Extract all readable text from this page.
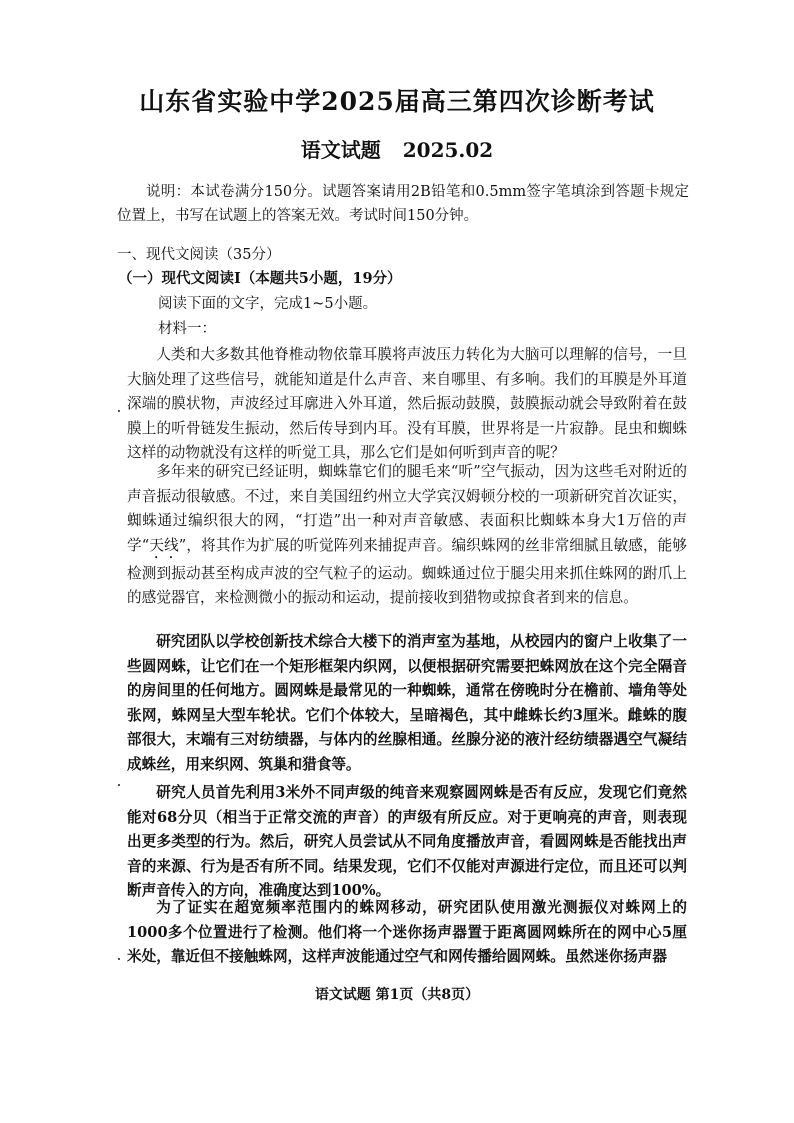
山东省实验中学2025届高三第四次诊断考试
语文试题 2025.02
说明：本试卷满分150分。试题答案请用2B铅笔和0.5mm签字笔填涂到答题卡规定位置上，书写在试题上的答案无效。考试时间150分钟。
一、现代文阅读（35分）
（一）现代文阅读Ⅰ（本题共5小题，19分）
阅读下面的文字，完成1~5小题。
材料一：

人类和大多数其他脊椎动物依靠耳膜将声波压力转化为大脑可以理解的信号，一旦大脑处理了这些信号，就能知道是什么声音、来自哪里、有多响。我们的耳膜是外耳道深端的膜状物，声波经过耳廓进入外耳道，然后振动鼓膜，鼓膜振动就会导致附着在鼓膜上的听骨链发生振动，然后传导到内耳。没有耳膜，世界将是一片寂静。昆虫和蜘蛛这样的动物就没有这样的听觉工具，那么它们是如何听到声音的呢？

多年来的研究已经证明，蜘蛛靠它们的腿毛来“听”空气振动，因为这些毛对附近的声音振动很敏感。不过，来自美国纽约州立大学宾汉姆顿分校的一项新研究首次证实，蜘蛛通过编织很大的网，“打造”出一种对声音敏感、表面积比蜘蛛本身大1万倍的声学“天线”，将其作为扩展的听觉阵列来捕捉声音。编织蛛网的丝非常细腻且敏感，能够检测到振动甚至构成声波的空气粒子的运动。蜘蛛通过位于腿尖用来抓住蛛网的跗爪上的感觉器官，来检测微小的振动和运动，提前接收到猎物或掠食者到来的信息。

研究团队以学校创新技术综合大楼下的消声室为基地，从校园内的窗户上收集了一些圆网蛛，让它们在一个矩形框架内织网，以便根据研究需要把蛛网放在这个完全隔音的房间里的任何地方。圆网蛛是最常见的一种蜘蛛，通常在傍晚时分在檐前、墙角等处张网，蛛网呈大型车轮状。它们个体较大，呈暗褐色，其中雌蛛长约3厘米。雌蛛的腹部很大，末端有三对纺绩器，与体内的丝腺相通。丝腺分泌的液汁经纺绩器遇空气凝结成蛛丝，用来织网、筑巢和猎食等。

研究人员首先利用3米外不同声级的纯音来观察圆网蛛是否有反应，发现它们竟然能对68分贝（相当于正常交流的声音）的声级有所反应。对于更响亮的声音，则表现出更多类型的行为。然后，研究人员尝试从不同角度播放声音，看圆网蛛是否能找出声音的来源、行为是否有所不同。结果发现，它们不仅能对声源进行定位，而且还可以判断声音传入的方向，准确度达到100%。

为了证实在超宽频率范围内的蛛网移动，研究团队使用激光测振仪对蛛网上的1000多个位置进行了检测。他们将一个迷你扬声器置于距离圆网蛛所在的网中心5厘米处，靠近但不接触蛛网，这样声波能通过空气和网传播给圆网蛛。虽然迷你扬声器

语文试题 第1页（共8页）
